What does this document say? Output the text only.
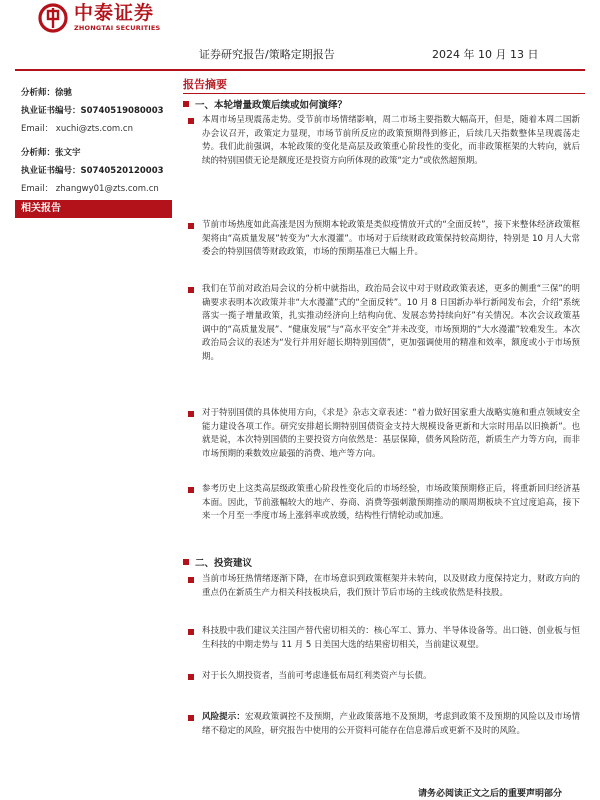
中泰证券
ZHONGTAI SECURITIES
证券研究报告/策略定期报告	2024 年 10 月 13 日
分析师：徐驰
执业证书编号：S0740519080003
Email： xuchi@zts.com.cn
分析师：张文宇
执业证书编号：S0740520120003
Email： zhangwy01@zts.com.cn
相关报告
报告摘要
一、本轮增量政策后续或如何演绎？
本周市场呈现震荡走势。受节前市场情绪影响，周二市场主要指数大幅高开，但是，随着本周二国新办会议召开，政策定力显现，市场节前所反应的政策预期得到修正，后续几天指数整体呈现震荡走势。我们此前强调，本轮政策的变化是高层及政策重心阶段性的变化，而非政策框架的大转向，就后续的特别国债无论是额度还是投资方向所体现的政策“定力”或依然超预期。
节前市场热度如此高涨是因为预期本轮政策是类似疫情放开式的“全面反转”，接下来整体经济政策框架将由“高质量发展”转变为“大水漫灌”。市场对于后续财政政策保持较高期待，特别是 10 月人大常委会的特别国债等财政政策，市场的预期基准已大幅上升。
我们在节前对政治局会议的分析中就指出，政治局会议中对于财政政策表述，更多的侧重“三保”的明确要求表明本次政策并非“大水漫灌”式的“全面反转”。10 月 8 日国新办举行新闻发布会，介绍“系统落实一揽子增量政策，扎实推动经济向上结构向优、发展态势持续向好”有关情况。本次会议政策基调中的“高质量发展”、“健康发展”与“高水平安全”并未改变，市场预期的“大水漫灌”较难发生。本次政治局会议的表述为“发行并用好超长期特别国债”，更加强调使用的精准和效率，额度或小于市场预期。
对于特别国债的具体使用方向，《求是》杂志文章表述：“着力做好国家重大战略实施和重点领域安全能力建设各项工作。研究安排超长期特别国债资金支持大规模设备更新和大宗时用品以旧换新”。也就是说，本次特别国债的主要投资方向依然是：基层保障，债务风险防范，新质生产力等方向，而非市场预期的乘数效应最强的消费、地产等方向。
参考历史上这类高层级政策重心阶段性变化后的市场经验，市场政策预期修正后，将重新回归经济基本面。因此，节前涨幅较大的地产、券商、消费等强刺激预期推动的顺周期板块不宜过度追高，接下来一个月至一季度市场上涨斜率或放缓，结构性行情轮动或加速。
二、投资建议
当前市场狂热情绪逐渐下降，在市场意识到政策框架并未转向，以及财政力度保持定力，财政方向的重点仍在新质生产力相关科技板块后，我们预计节后市场的主线或依然是科技股。
科技股中我们建议关注国产替代密切相关的：核心军工、算力、半导体设备等。出口链、创业板与恒生科技的中期走势与 11 月 5 日美国大选的结果密切相关，当前建议观望。
对于长久期投资者，当前可考虑逢低布局红利类资产与长债。
风险提示：宏观政策调控不及预期，产业政策落地不及预期，考虑到政策不及预期的风险以及市场情绪不稳定的风险，研究报告中使用的公开资料可能存在信息滞后或更新不及时的风险。
请务必阅读正文之后的重要声明部分
